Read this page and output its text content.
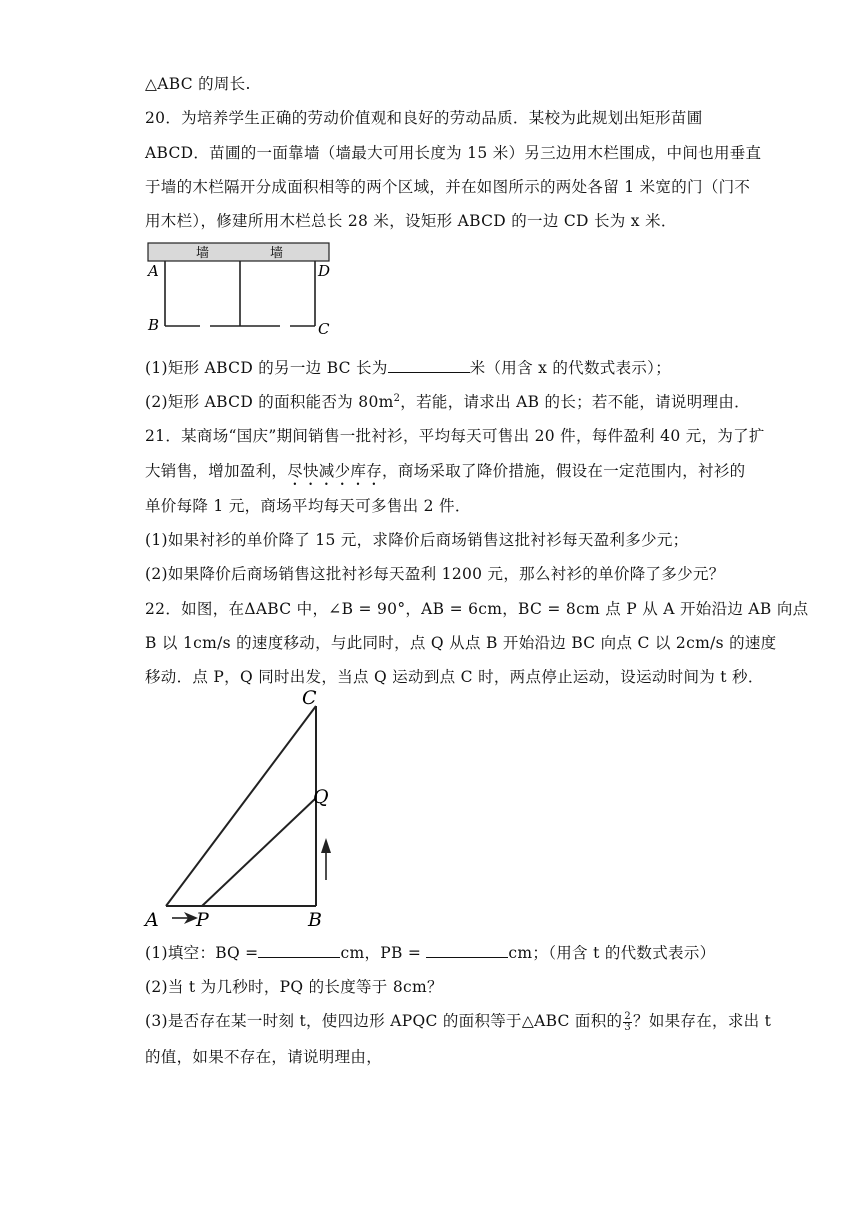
△ABC 的周长.
20．为培养学生正确的劳动价值观和良好的劳动品质．某校为此规划出矩形苗圃
ABCD．苗圃的一面靠墙（墙最大可用长度为 15 米）另三边用木栏围成，中间也用垂直
于墙的木栏隔开分成面积相等的两个区域，并在如图所示的两处各留 1 米宽的门（门不
用木栏），修建所用木栏总长 28 米，设矩形 ABCD 的一边 CD 长为 x 米．
墙	墙
A	D
B	C
(1)矩形 ABCD 的另一边 BC 长为	米（用含 x 的代数式表示）；
(2)矩形 ABCD 的面积能否为 $80m^2$，若能，请求出 AB 的长；若不能，请说明理由．
21．某商场“国庆”期间销售一批衬衫，平均每天可售出 20 件，每件盈利 40 元，为了扩
大销售，增加盈利，尽快减少库存，商场采取了降价措施，假设在一定范围内，衬衫的
单价每降 1 元，商场平均每天可多售出 2 件．
(1)如果衬衫的单价降了 15 元，求降价后商场销售这批衬衫每天盈利多少元；
(2)如果降价后商场销售这批衬衫每天盈利 1200 元，那么衬衫的单价降了多少元？
22．如图，在ΔABC 中，∠B = 90°，AB = 6cm，BC = 8cm 点 P 从 A 开始沿边 AB 向点
B 以 1cm/s 的速度移动，与此同时，点 Q 从点 B 开始沿边 BC 向点 C 以 2cm/s 的速度
移动．点 P，Q 同时出发，当点 Q 运动到点 C 时，两点停止运动，设运动时间为 t 秒．
A P	B
C
Q
(1)填空：BQ =	cm，PB =	cm；（用含 t 的代数式表示）
(2)当 t 为几秒时，PQ 的长度等于 8cm？
(3)是否存在某一时刻 t，使四边形 APQC 的面积等于△ABC 面积的 $\frac{2}{3}$ ？如果存在，求出 t
的值，如果不存在，请说明理由，
